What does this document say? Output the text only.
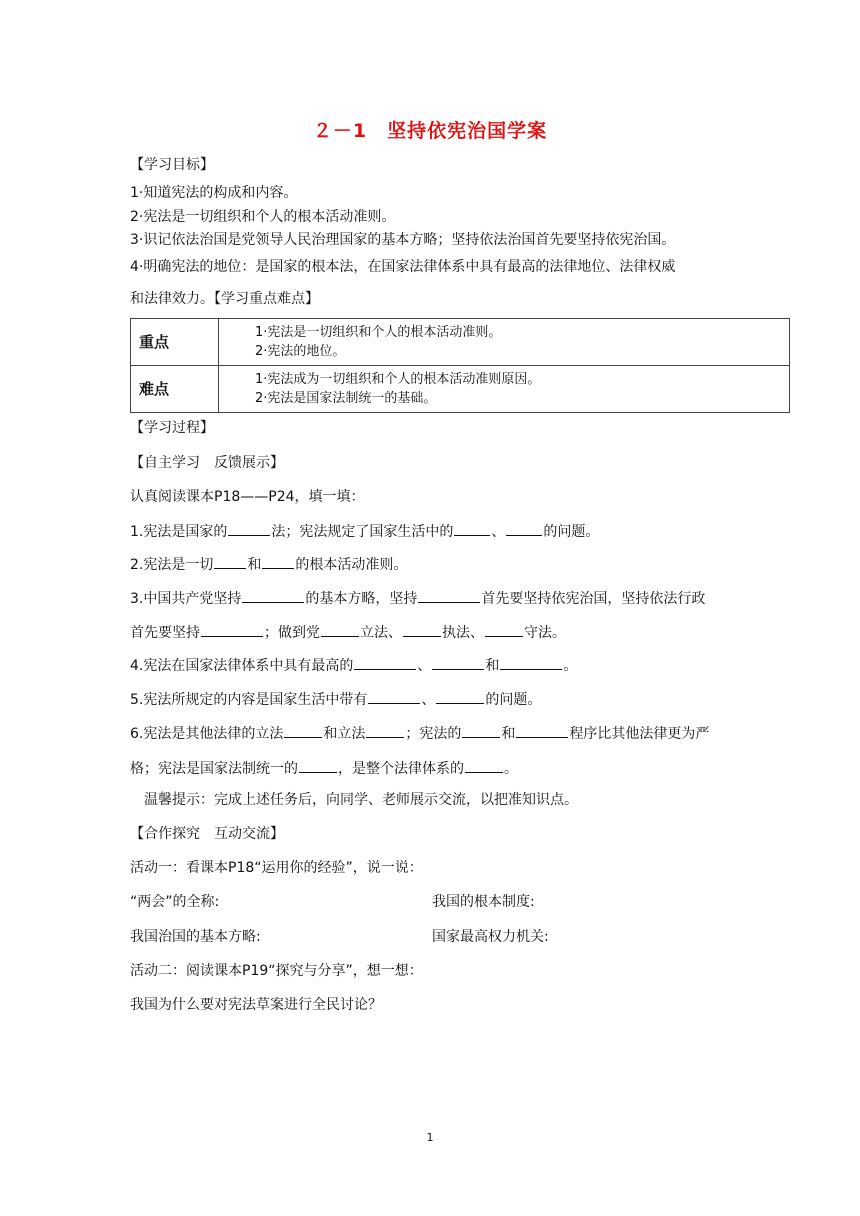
２－1　坚持依宪治国学案
【学习目标】
1·知道宪法的构成和内容。
2·宪法是一切组织和个人的根本活动准则。
3·识记依法治国是党领导人民治理国家的基本方略；坚持依法治国首先要坚持依宪治国。
4·明确宪法的地位：是国家的根本法，在国家法律体系中具有最高的法律地位、法律权威
和法律效力。【学习重点难点】
重点	1·宪法是一切组织和个人的根本活动准则。
2·宪法的地位。

难点	1·宪法成为一切组织和个人的根本活动准则原因。
2·宪法是国家法制统一的基础。
【学习过程】
【自主学习　反馈展示】
认真阅读课本P18——P24，填一填：
1.宪法是国家的	法；宪法规定了国家生活中的	、	的问题。
2.宪法是一切 和 的根本活动准则。
3.中国共产党坚持	的基本方略，坚持	首先要坚持依宪治国，坚持依法行政
首先要坚持	；做到党	立法、	执法、	守法。
4.宪法在国家法律体系中具有最高的	、	和	。
5.宪法所规定的内容是国家生活中带有	、	的问题。
6.宪法是其他法律的立法	和立法	；宪法的	和	程序比其他法律更为严
格；宪法是国家法制统一的	，是整个法律体系的	。
温馨提示：完成上述任务后，向同学、老师展示交流，以把准知识点。
【合作探究　互动交流】
活动一：看课本P18“运用你的经验”，说一说：
“两会”的全称:	我国的根本制度:
我国治国的基本方略:	国家最高权力机关:
活动二：阅读课本P19“探究与分享”，想一想：
我国为什么要对宪法草案进行全民讨论？
1
